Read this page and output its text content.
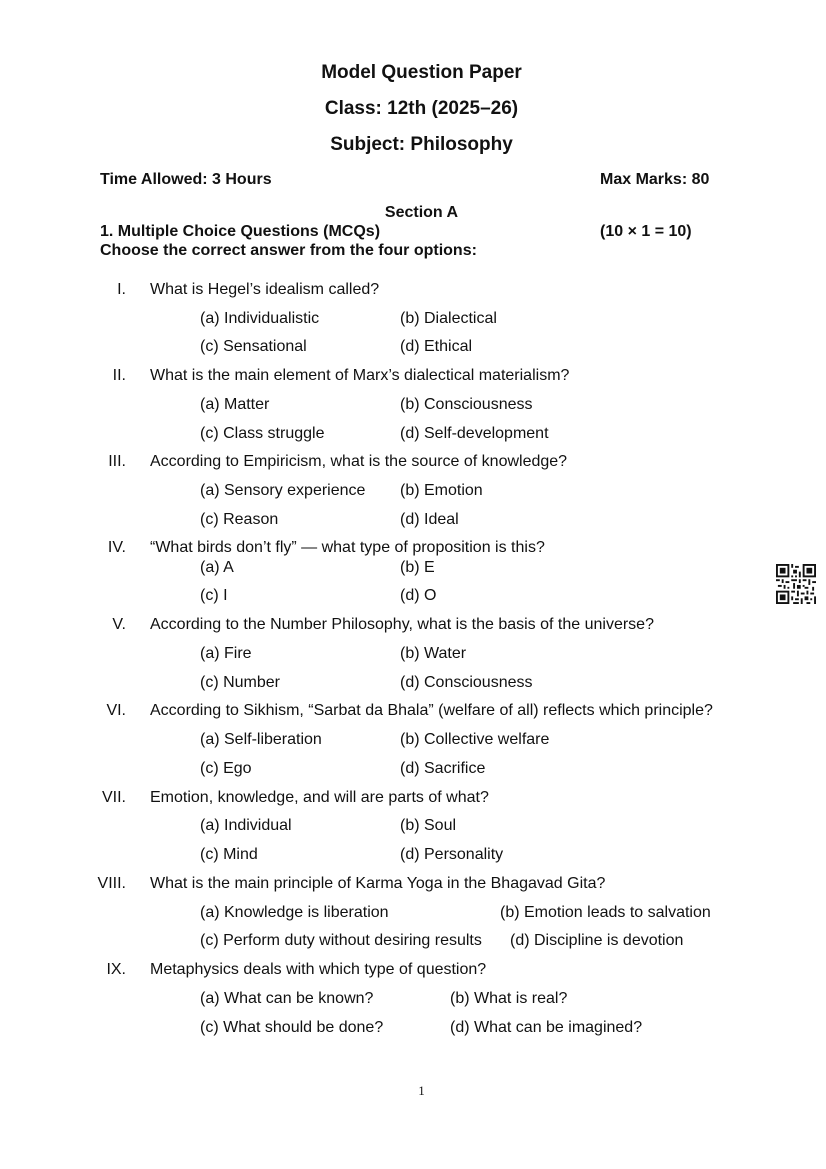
Model Question Paper
Class: 12th (2025–26)
Subject: Philosophy
Time Allowed: 3 Hours	Max Marks: 80
Section A
1. Multiple Choice Questions (MCQs)	(10 × 1 = 10)
Choose the correct answer from the four options:
I. What is Hegel’s idealism called?
(a) Individualistic	(b) Dialectical
(c) Sensational	(d) Ethical
II. What is the main element of Marx’s dialectical materialism?
(a) Matter	(b) Consciousness
(c) Class struggle	(d) Self-development
III. According to Empiricism, what is the source of knowledge?
(a) Sensory experience (b) Emotion
(c) Reason	(d) Ideal
IV. “What birds don’t fly” — what type of proposition is this?
(a) A	(b) E
(c) I	(d) O
V. According to the Number Philosophy, what is the basis of the universe?
(a) Fire	(b) Water
(c) Number	(d) Consciousness
VI. According to Sikhism, “Sarbat da Bhala” (welfare of all) reflects which principle?
(a) Self-liberation	(b) Collective welfare
(c) Ego	(d) Sacrifice
VII. Emotion, knowledge, and will are parts of what?
(a) Individual	(b) Soul
(c) Mind	(d) Personality
VIII. What is the main principle of Karma Yoga in the Bhagavad Gita?
(a) Knowledge is liberation	(b) Emotion leads to salvation
(c) Perform duty without desiring results (d) Discipline is devotion
IX. Metaphysics deals with which type of question?
(a) What can be known?	(b) What is real?
(c) What should be done?	(d) What can be imagined?
1
